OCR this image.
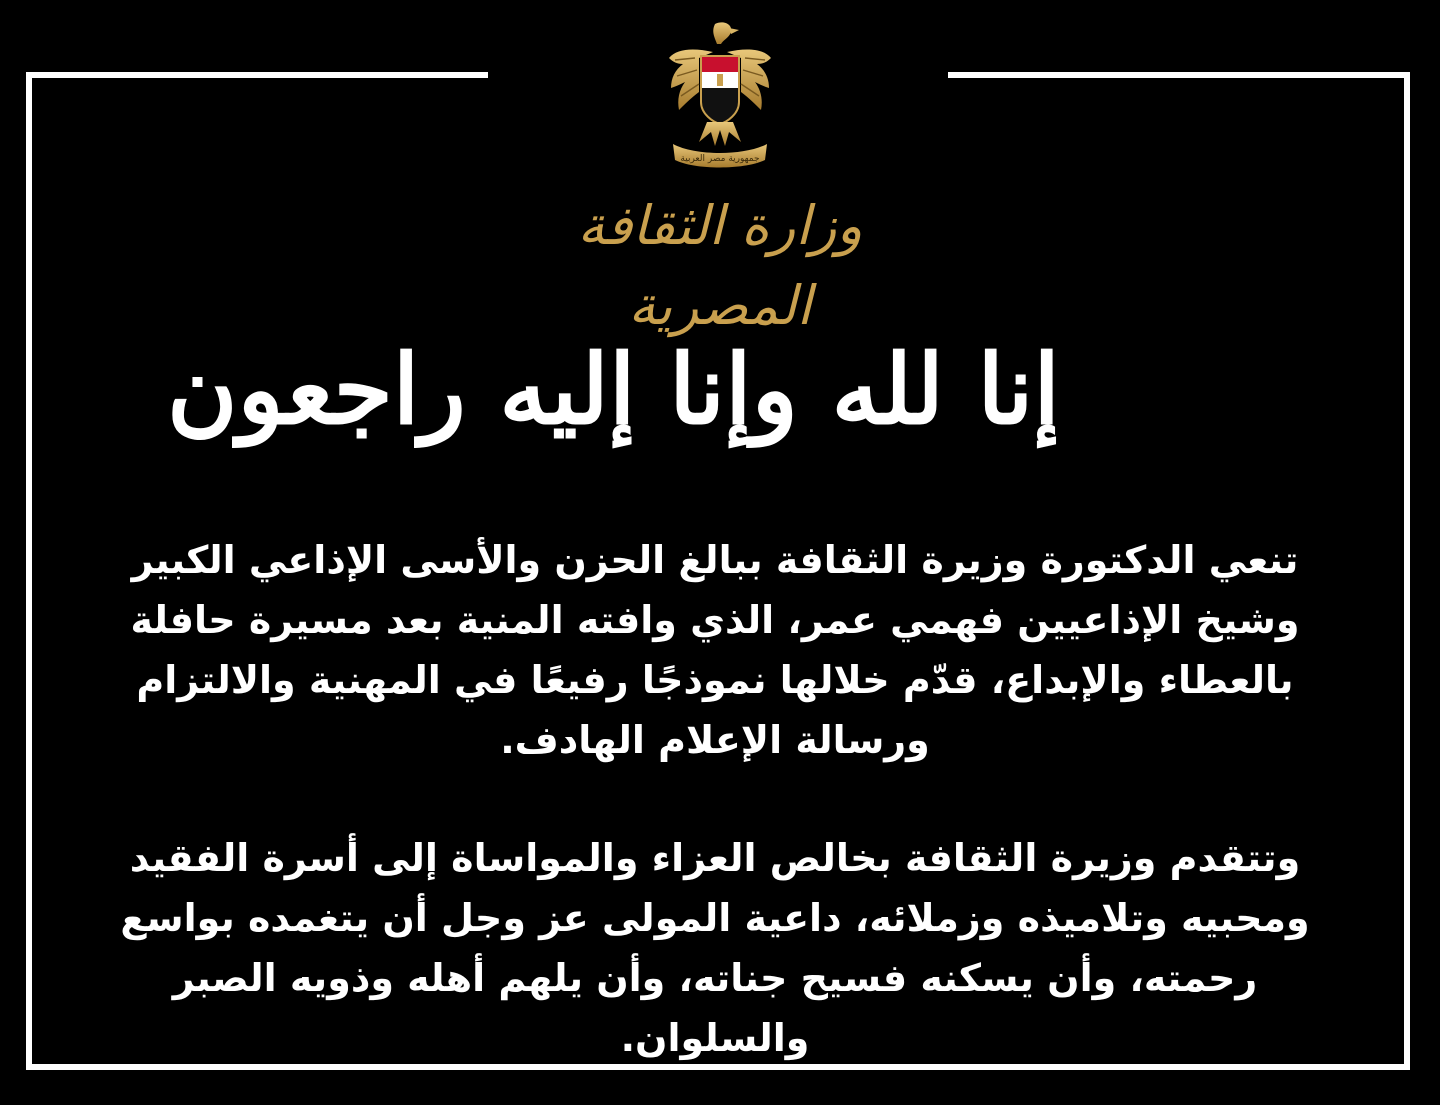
جمهورية مصر العربية
وزارة الثقافة المصرية
إنا لله وإنا إليه راجعون

تنعي الدكتورة وزيرة الثقافة ببالغ الحزن والأسى الإذاعي الكبير وشيخ الإذاعيين فهمي عمر، الذي وافته المنية بعد مسيرة حافلة بالعطاء والإبداع، قدّم خلالها نموذجًا رفيعًا في المهنية والالتزام ورسالة الإعلام الهادف.

وتتقدم وزيرة الثقافة بخالص العزاء والمواساة إلى أسرة الفقيد ومحبيه وتلاميذه وزملائه، داعية المولى عز وجل أن يتغمده بواسع رحمته، وأن يسكنه فسيح جناته، وأن يلهم أهله وذويه الصبر والسلوان.
